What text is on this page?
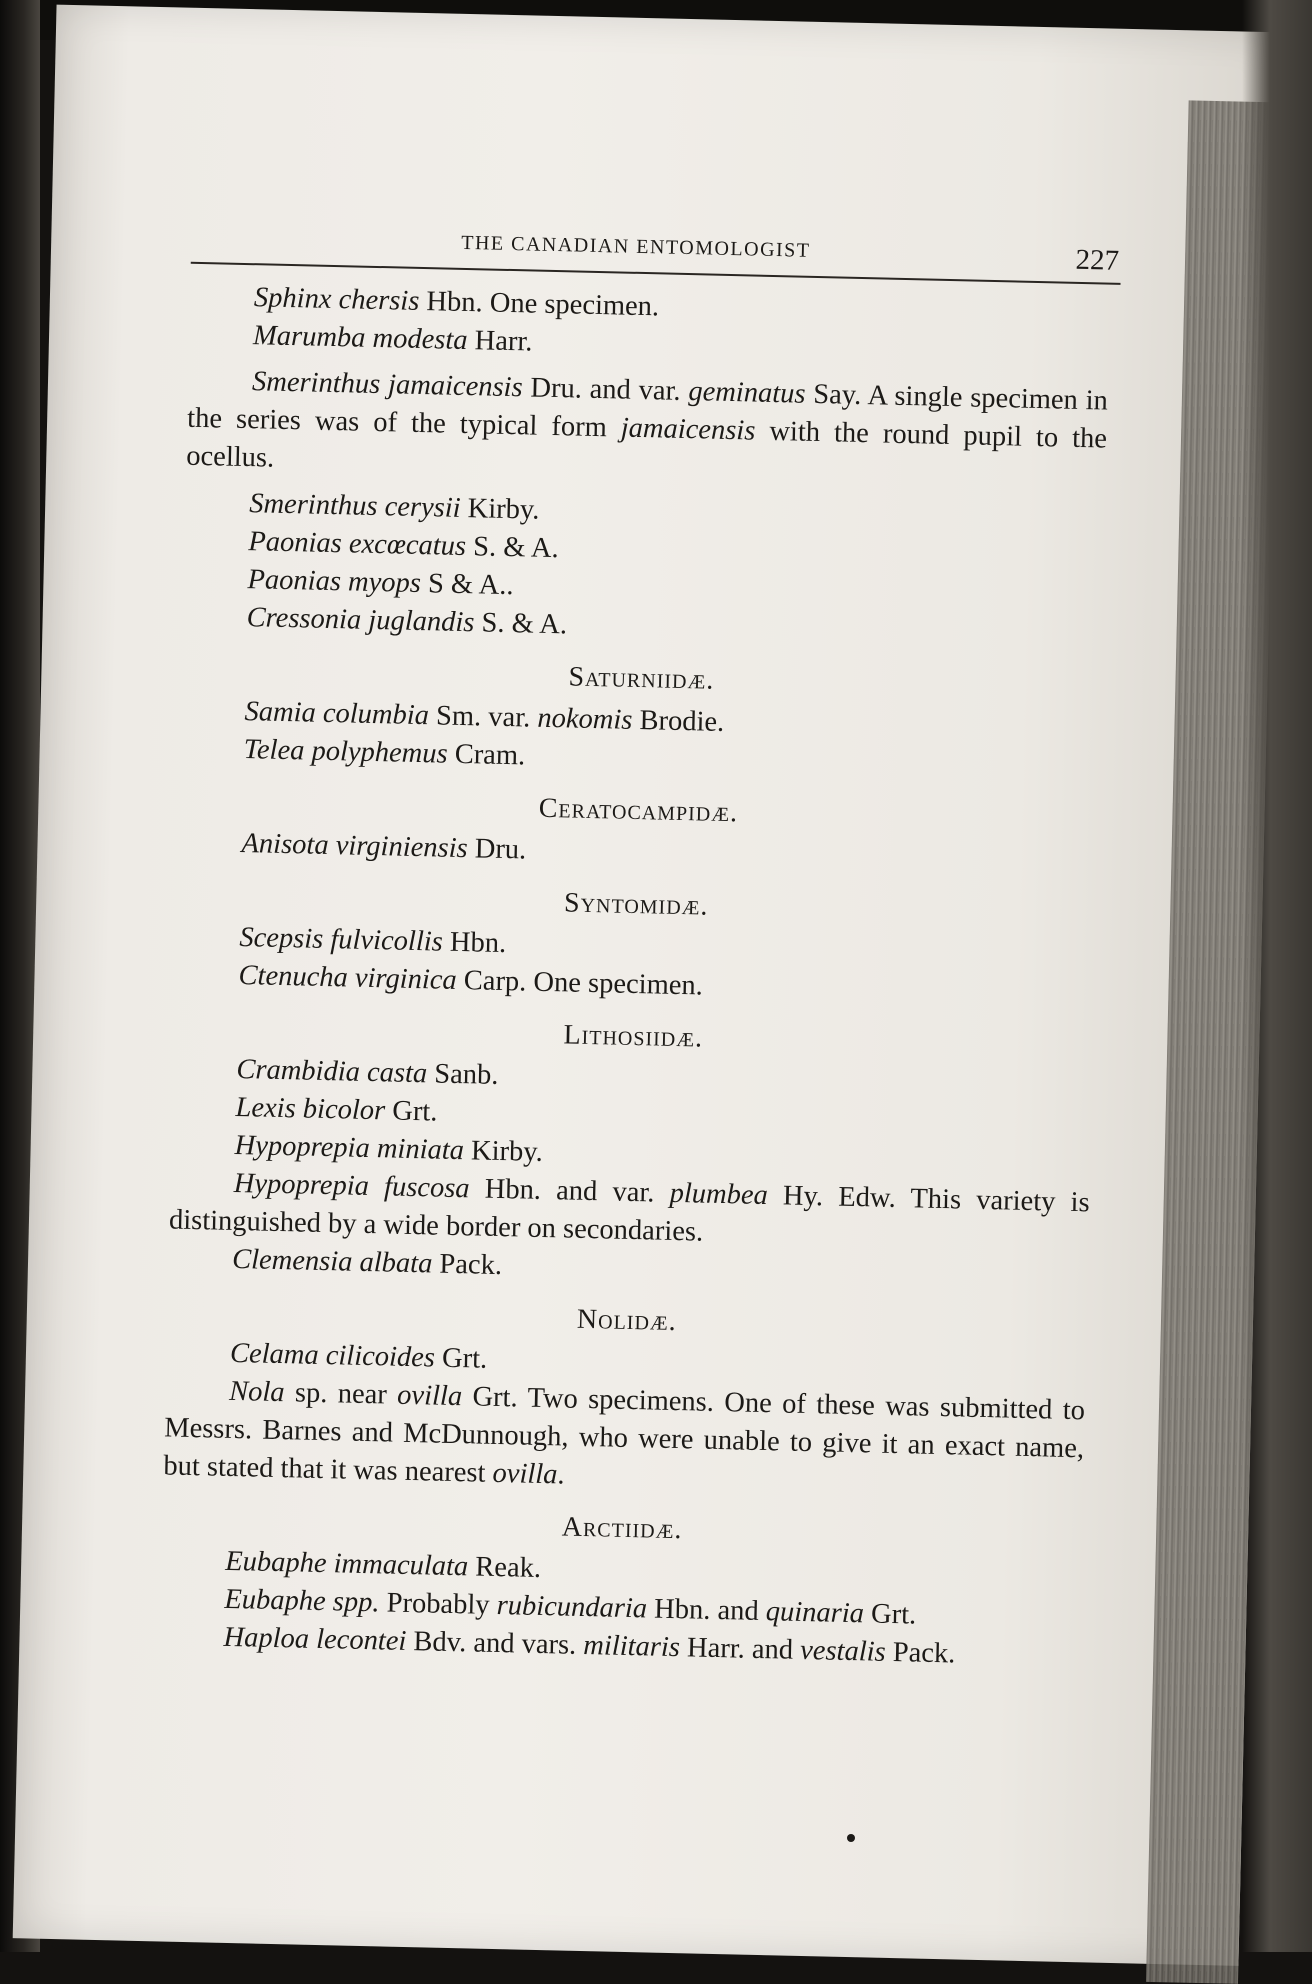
THE CANADIAN ENTOMOLOGIST	227

Sphinx chersis Hbn. One specimen.

Marumba modesta Harr.

Smerinthus jamaicensis Dru. and var. geminatus Say. A single specimen in the series was of the typical form jamaicensis with the round pupil to the ocellus.

Smerinthus cerysii Kirby.

Paonias excœcatus S. & A.

Paonias myops S & A..

Cressonia juglandis S. & A.

Saturniidæ.

Samia columbia Sm. var. nokomis Brodie.

Telea polyphemus Cram.

Ceratocampidæ.

Anisota virginiensis Dru.

Syntomidæ.

Scepsis fulvicollis Hbn.

Ctenucha virginica Carp. One specimen.

Lithosiidæ.

Crambidia casta Sanb.

Lexis bicolor Grt.

Hypoprepia miniata Kirby.

Hypoprepia fuscosa Hbn. and var. plumbea Hy. Edw. This variety is distinguished by a wide border on secondaries.

Clemensia albata Pack.

Nolidæ.

Celama cilicoides Grt.

Nola sp. near ovilla Grt. Two specimens. One of these was submitted to Messrs. Barnes and McDunnough, who were unable to give it an exact name, but stated that it was nearest ovilla.

Arctiidæ.

Eubaphe immaculata Reak.

Eubaphe spp. Probably rubicundaria Hbn. and quinaria Grt.

Haploa lecontei Bdv. and vars. militaris Harr. and vestalis Pack.
